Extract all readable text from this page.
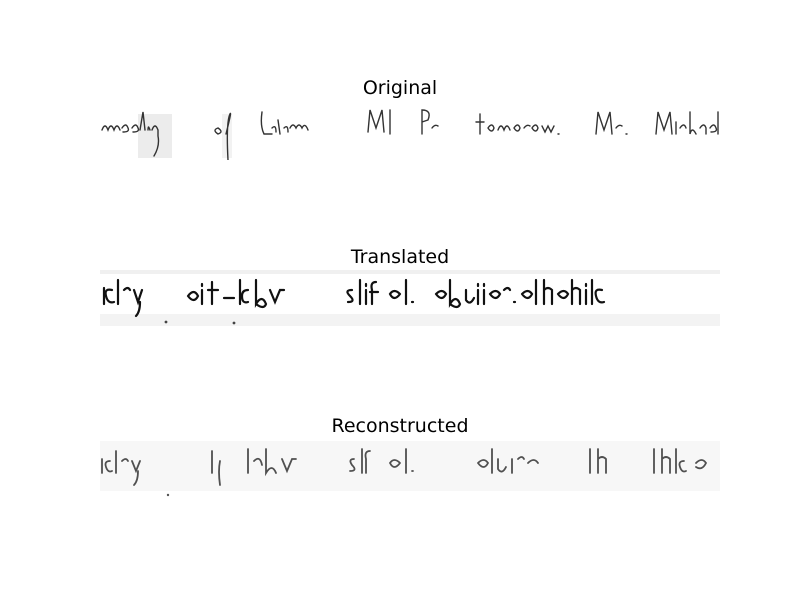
Original
Translated
Reconstructed
